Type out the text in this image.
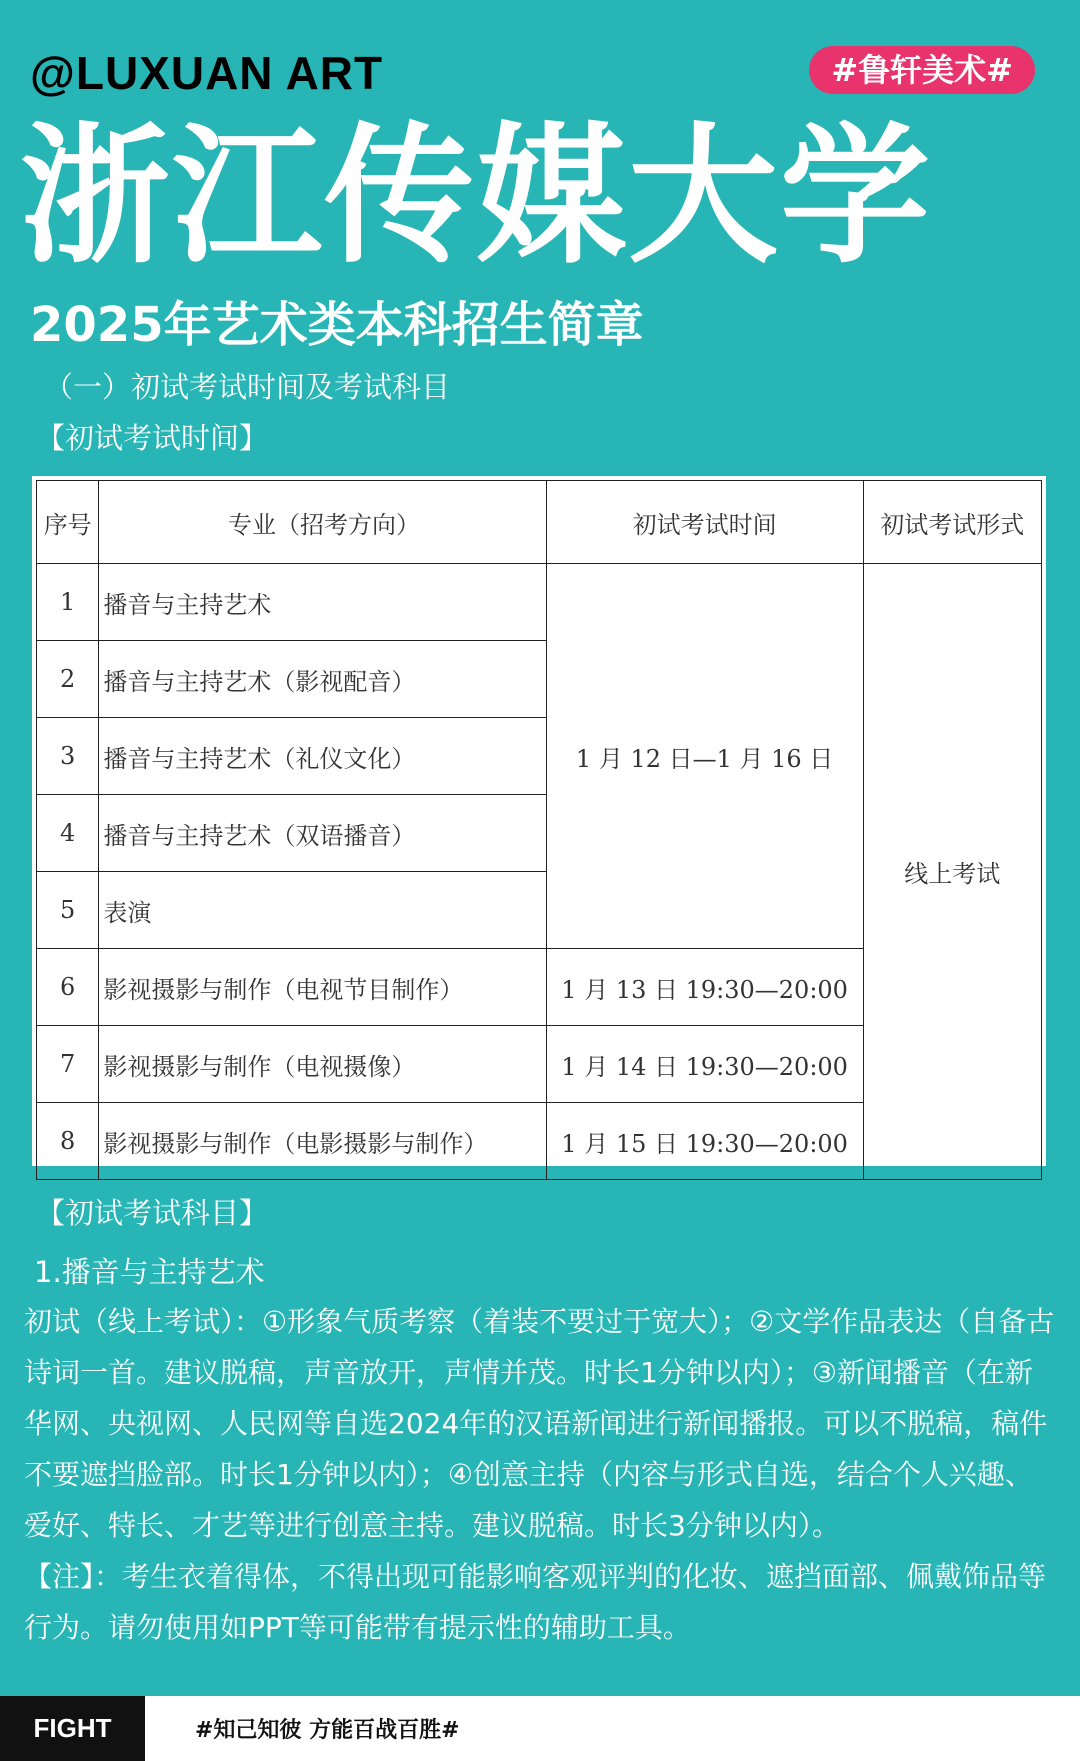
@LUXUAN ART	#鲁轩美术#
浙江传媒大学
2025年艺术类本科招生简章
（一）初试考试时间及考试科目
【初试考试时间】
序号	专业（招考方向）	初试考试时间	初试考试形式
1	播音与主持艺术	1 月 12 日—1 月 16 日	线上考试
2	播音与主持艺术（影视配音）		
3	播音与主持艺术（礼仪文化）		
4	播音与主持艺术（双语播音）		
5	表演		
6	影视摄影与制作（电视节目制作）	1 月 13 日 19:30—20:00	
7	影视摄影与制作（电视摄像）	1 月 14 日 19:30—20:00	
8	影视摄影与制作（电影摄影与制作）	1 月 15 日 19:30—20:00	
【初试考试科目】
1.播音与主持艺术

初试（线上考试）：①形象气质考察（着装不要过于宽大）；②文学作品表达（自备古诗词一首。建议脱稿，声音放开，声情并茂。时长1分钟以内）；③新闻播音（在新华网、央视网、人民网等自选2024年的汉语新闻进行新闻播报。可以不脱稿，稿件不要遮挡脸部。时长1分钟以内）；④创意主持（内容与形式自选，结合个人兴趣、爱好、特长、才艺等进行创意主持。建议脱稿。时长3分钟以内）。

【注】：考生衣着得体，不得出现可能影响客观评判的化妆、遮挡面部、佩戴饰品等行为。请勿使用如PPT等可能带有提示性的辅助工具。

FIGHT	#知己知彼 方能百战百胜#
